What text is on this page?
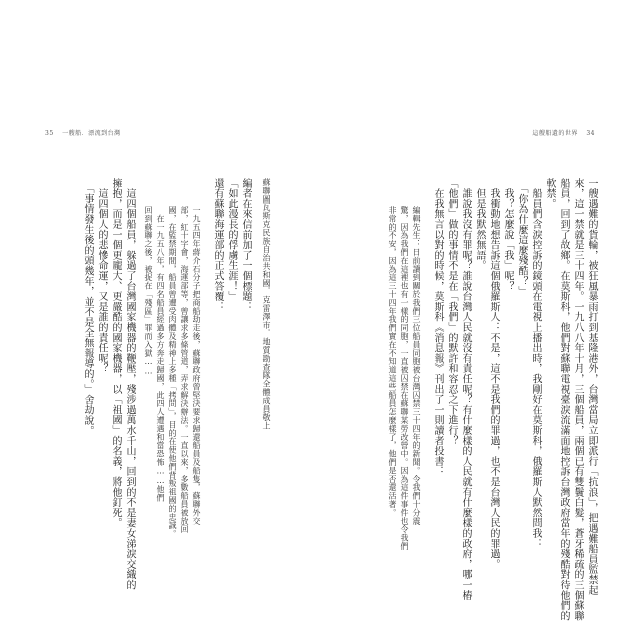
35 一艘船．漂流到台灣	這艘船遺的世界 34
一艘遇難的貨輪，被狂風暴雨打到基隆港外，台灣當局立即派行「抗浪」，把遇難船員監禁起
來，這一禁就是三十四年。一九八八年十月，三個船員，兩個已有雙鬢白髮，蒼牙稀疏的三個蘇聯
船員，回到了故鄉。在莫斯科，他們對蘇聯電視臺淚流滿面地控訴台灣政府當年的殘酷對待他們的
軟禁。
　船員們含淚控訴的鏡頭在電視上播出時，我剛好在莫斯科，俄羅斯人默然問我：
　「你為什麼這麼殘酷？」
　我？怎麼說「我」呢？
　我衝動地想告訴這個俄羅斯人：不是，這不是我們的罪過，也不是台灣人民的罪過。
　但是我默然無語。
　誰說我沒有罪呢？誰說台灣人民就沒有責任呢？有什麼樣的人民就有什麼樣的政府，哪一樁
「他們」做的事情不是在「我們」的默許和容忍之下進行？
　在我無言以對的時候，莫斯科《消息報》刊出了一則讀者投書：
編輯先生：日前讀到關於我們三位船員同胞被台灣囚禁三十四年的新聞。令我們十分震
驚，因為我們在這裡也有一樣的同胞，一直被囚禁在蘇聯某勞改營中。因為這件事件也令我們
非常的不安，因為這三十四年我們實在不知道這些船員怎麼樣了，他們是否還活著。
蘇聯圖瓦斯克民族自治共和國．克雷澤市．地質勘查隊全體成員敬上
編者在來信前加了一個標題：
「如此漫長的俘虜生涯！」
還有蘇聯海運部的正式答覆：
一九五四年蔣介石分子把商船劫走後，蘇聯政府曾堅決要求歸還船員及船隻，蘇聯外交
部，紅十字會，海運部等，曾讓求多條管道，弄求解決辦法。一直以來，多數船員被放回
國，在監禁期間，船員曾遭受肉體及精神上多種「拷問」，目的在使他們背叛祖國的忠誠。
　在一九五八年，有四名船員經過多方奔走歸國，此四人遭遇和當恐怖……他們
回到蘇聯之後，被捉在「殘區」罪而入獄……
　這四個船員，躲過了台灣國家機器的鞭壓，殘涉過萬水千山，回到的不是妻女涕淚交織的
擁抱，而是一個更龐大、更嚴酷的國家機器，以「祖國」的名義，將他釘死。
　這四個人的悲慘命運，又是誰的責任呢？
　「事情發生後的頭幾年，並不是全無報導的。」舍劫說。
